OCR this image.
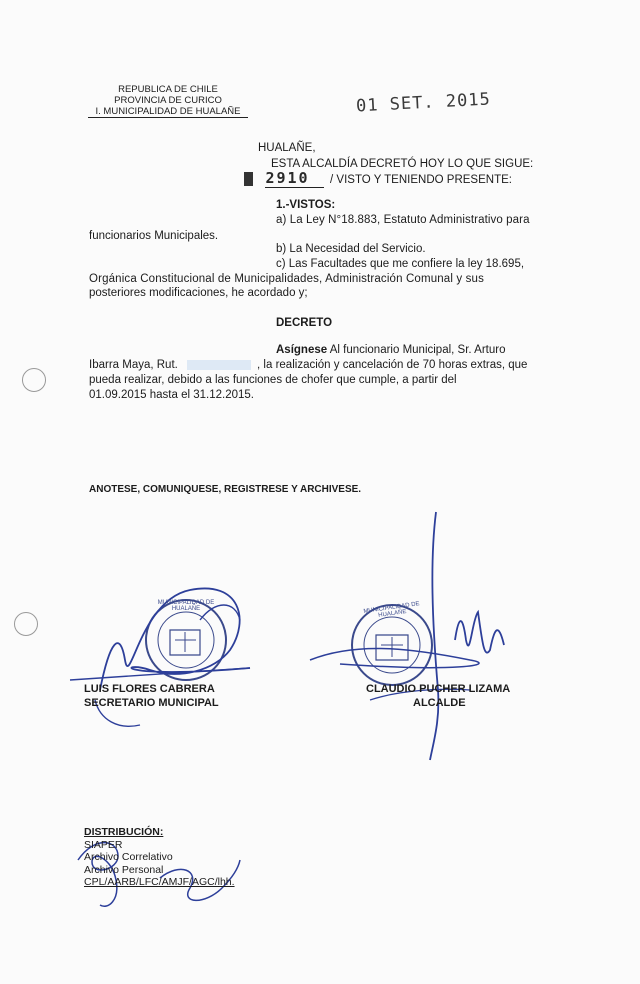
REPUBLICA DE CHILE
PROVINCIA DE CURICO
I. MUNICIPALIDAD DE HUALAÑE	01 SET. 2015
HUALAÑE,
ESTA ALCALDÍA DECRETÓ HOY LO QUE SIGUE:
2910 / VISTO Y TENIENDO PRESENTE:
1.-VISTOS:
a) La Ley N°18.883, Estatuto Administrativo para
funcionarios Municipales.
b) La Necesidad del Servicio.
c) Las Facultades que me confiere la ley 18.695,
Orgánica Constitucional de Municipalidades, Administración Comunal y sus
posteriores modificaciones, he acordado y;
DECRETO
Asígnese Al funcionario Municipal, Sr. Arturo
Ibarra Maya, Rut.	, la realización y cancelación de 70 horas extras, que
pueda realizar, debido a las funciones de chofer que cumple, a partir del
01.09.2015 hasta el 31.12.2015.
ANOTESE, COMUNIQUESE, REGISTRESE Y ARCHIVESE.
MUNICIPALIDAD DE HUALAÑE	MUNICIPALIDAD DE HUALAÑE
LUIS FLORES CABRERA
SECRETARIO MUNICIPAL
CLAUDIO PUCHER LIZAMA
ALCALDE
DISTRIBUCIÓN:
SIAPER
Archivo Correlativo
Archivo Personal
CPL/AARB/LFC/AMJF/AGC/lhh.
